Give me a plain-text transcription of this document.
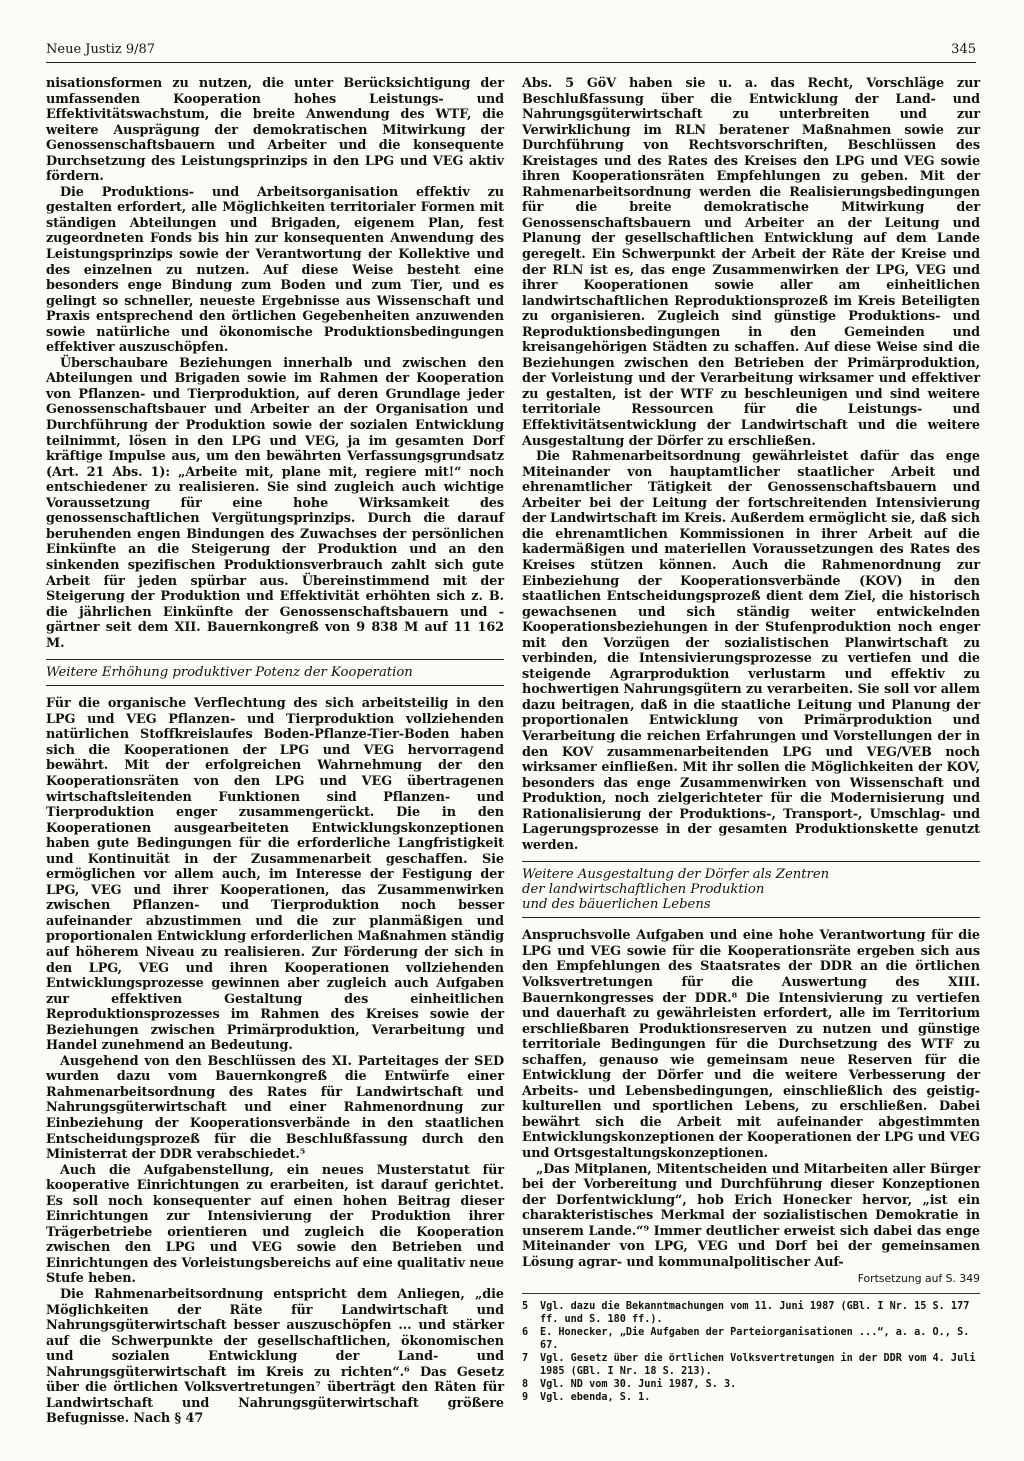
Neue Justiz 9/87	345

nisationsformen zu nutzen, die unter Berücksichtigung der umfassenden Kooperation hohes Leistungs- und Effektivitätswachstum, die breite Anwendung des WTF, die weitere Ausprägung der demokratischen Mitwirkung der Genossenschaftsbauern und Arbeiter und die konsequente Durchsetzung des Leistungsprinzips in den LPG und VEG aktiv fördern.

Die Produktions- und Arbeitsorganisation effektiv zu gestalten erfordert, alle Möglichkeiten territorialer Formen mit ständigen Abteilungen und Brigaden, eigenem Plan, fest zugeordneten Fonds bis hin zur konsequenten Anwendung des Leistungsprinzips sowie der Verantwortung der Kollektive und des einzelnen zu nutzen. Auf diese Weise besteht eine besonders enge Bindung zum Boden und zum Tier, und es gelingt so schneller, neueste Ergebnisse aus Wissenschaft und Praxis entsprechend den örtlichen Gegebenheiten anzuwenden sowie natürliche und ökonomische Produktionsbedingungen effektiver auszuschöpfen.

Überschaubare Beziehungen innerhalb und zwischen den Abteilungen und Brigaden sowie im Rahmen der Kooperation von Pflanzen- und Tierproduktion, auf deren Grundlage jeder Genossenschaftsbauer und Arbeiter an der Organisation und Durchführung der Produktion sowie der sozialen Entwicklung teilnimmt, lösen in den LPG und VEG, ja im gesamten Dorf kräftige Impulse aus, um den bewährten Verfassungsgrundsatz (Art. 21 Abs. 1): „Arbeite mit, plane mit, regiere mit!“ noch entschiedener zu realisieren. Sie sind zugleich auch wichtige Voraussetzung für eine hohe Wirksamkeit des genossenschaftlichen Vergütungsprinzips. Durch die darauf beruhenden engen Bindungen des Zuwachses der persönlichen Einkünfte an die Steigerung der Produktion und an den sinkenden spezifischen Produktionsverbrauch zahlt sich gute Arbeit für jeden spürbar aus. Übereinstimmend mit der Steigerung der Produktion und Effektivität erhöhten sich z. B. die jährlichen Einkünfte der Genossenschaftsbauern und -gärtner seit dem XII. Bauernkongreß von 9 838 M auf 11 162 M.

Weitere Erhöhung produktiver Potenz der Kooperation

Für die organische Verflechtung des sich arbeitsteilig in den LPG und VEG Pflanzen- und Tierproduktion vollziehenden natürlichen Stoffkreislaufes Boden-Pflanze-Tier-Boden haben sich die Kooperationen der LPG und VEG hervorragend bewährt. Mit der erfolgreichen Wahrnehmung der den Kooperationsräten von den LPG und VEG übertragenen wirtschaftsleitenden Funktionen sind Pflanzen- und Tierproduktion enger zusammengerückt. Die in den Kooperationen ausgearbeiteten Entwicklungskonzeptionen haben gute Bedingungen für die erforderliche Langfristigkeit und Kontinuität in der Zusammenarbeit geschaffen. Sie ermöglichen vor allem auch, im Interesse der Festigung der LPG, VEG und ihrer Kooperationen, das Zusammenwirken zwischen Pflanzen- und Tierproduktion noch besser aufeinander abzustimmen und die zur planmäßigen und proportionalen Entwicklung erforderlichen Maßnahmen ständig auf höherem Niveau zu realisieren. Zur Förderung der sich in den LPG, VEG und ihren Kooperationen vollziehenden Entwicklungsprozesse gewinnen aber zugleich auch Aufgaben zur effektiven Gestaltung des einheitlichen Reproduktionsprozesses im Rahmen des Kreises sowie der Beziehungen zwischen Primärproduktion, Verarbeitung und Handel zunehmend an Bedeutung.

Ausgehend von den Beschlüssen des XI. Parteitages der SED wurden dazu vom Bauernkongreß die Entwürfe einer Rahmenarbeitsordnung des Rates für Landwirtschaft und Nahrungsgüterwirtschaft und einer Rahmenordnung zur Einbeziehung der Kooperationsverbände in den staatlichen Entscheidungsprozeß für die Beschlußfassung durch den Ministerrat der DDR verabschiedet.⁵

Auch die Aufgabenstellung, ein neues Musterstatut für kooperative Einrichtungen zu erarbeiten, ist darauf gerichtet. Es soll noch konsequenter auf einen hohen Beitrag dieser Einrichtungen zur Intensivierung der Produktion ihrer Trägerbetriebe orientieren und zugleich die Kooperation zwischen den LPG und VEG sowie den Betrieben und Einrichtungen des Vorleistungsbereichs auf eine qualitativ neue Stufe heben.

Die Rahmenarbeitsordnung entspricht dem Anliegen, „die Möglichkeiten der Räte für Landwirtschaft und Nahrungsgüterwirtschaft besser auszuschöpfen ... und stärker auf die Schwerpunkte der gesellschaftlichen, ökonomischen und sozialen Entwicklung der Land- und Nahrungsgüterwirtschaft im Kreis zu richten“.⁶ Das Gesetz über die örtlichen Volksvertretungen⁷ überträgt den Räten für Landwirtschaft und Nahrungsgüterwirtschaft größere Befugnisse. Nach § 47

Abs. 5 GöV haben sie u. a. das Recht, Vorschläge zur Beschlußfassung über die Entwicklung der Land- und Nahrungsgüterwirtschaft zu unterbreiten und zur Verwirklichung im RLN beratener Maßnahmen sowie zur Durchführung von Rechtsvorschriften, Beschlüssen des Kreistages und des Rates des Kreises den LPG und VEG sowie ihren Kooperationsräten Empfehlungen zu geben. Mit der Rahmenarbeitsordnung werden die Realisierungsbedingungen für die breite demokratische Mitwirkung der Genossenschaftsbauern und Arbeiter an der Leitung und Planung der gesellschaftlichen Entwicklung auf dem Lande geregelt. Ein Schwerpunkt der Arbeit der Räte der Kreise und der RLN ist es, das enge Zusammenwirken der LPG, VEG und ihrer Kooperationen sowie aller am einheitlichen landwirtschaftlichen Reproduktionsprozeß im Kreis Beteiligten zu organisieren. Zugleich sind günstige Produktions- und Reproduktionsbedingungen in den Gemeinden und kreisangehörigen Städten zu schaffen. Auf diese Weise sind die Beziehungen zwischen den Betrieben der Primärproduktion, der Vorleistung und der Verarbeitung wirksamer und effektiver zu gestalten, ist der WTF zu beschleunigen und sind weitere territoriale Ressourcen für die Leistungs- und Effektivitätsentwicklung der Landwirtschaft und die weitere Ausgestaltung der Dörfer zu erschließen.

Die Rahmenarbeitsordnung gewährleistet dafür das enge Miteinander von hauptamtlicher staatlicher Arbeit und ehrenamtlicher Tätigkeit der Genossenschaftsbauern und Arbeiter bei der Leitung der fortschreitenden Intensivierung der Landwirtschaft im Kreis. Außerdem ermöglicht sie, daß sich die ehrenamtlichen Kommissionen in ihrer Arbeit auf die kadermäßigen und materiellen Voraussetzungen des Rates des Kreises stützen können. Auch die Rahmenordnung zur Einbeziehung der Kooperationsverbände (KOV) in den staatlichen Entscheidungsprozeß dient dem Ziel, die historisch gewachsenen und sich ständig weiter entwickelnden Kooperationsbeziehungen in der Stufenproduktion noch enger mit den Vorzügen der sozialistischen Planwirtschaft zu verbinden, die Intensivierungsprozesse zu vertiefen und die steigende Agrarproduktion verlustarm und effektiv zu hochwertigen Nahrungsgütern zu verarbeiten. Sie soll vor allem dazu beitragen, daß in die staatliche Leitung und Planung der proportionalen Entwicklung von Primärproduktion und Verarbeitung die reichen Erfahrungen und Vorstellungen der in den KOV zusammenarbeitenden LPG und VEG/VEB noch wirksamer einfließen. Mit ihr sollen die Möglichkeiten der KOV, besonders das enge Zusammenwirken von Wissenschaft und Produktion, noch zielgerichteter für die Modernisierung und Rationalisierung der Produktions-, Transport-, Umschlag- und Lagerungsprozesse in der gesamten Produktionskette genutzt werden.

Weitere Ausgestaltung der Dörfer als Zentren
der landwirtschaftlichen Produktion
und des bäuerlichen Lebens

Anspruchsvolle Aufgaben und eine hohe Verantwortung für die LPG und VEG sowie für die Kooperationsräte ergeben sich aus den Empfehlungen des Staatsrates der DDR an die örtlichen Volksvertretungen für die Auswertung des XIII. Bauernkongresses der DDR.⁸ Die Intensivierung zu vertiefen und dauerhaft zu gewährleisten erfordert, alle im Territorium erschließbaren Produktionsreserven zu nutzen und günstige territoriale Bedingungen für die Durchsetzung des WTF zu schaffen, genauso wie gemeinsam neue Reserven für die Entwicklung der Dörfer und die weitere Verbesserung der Arbeits- und Lebensbedingungen, einschließlich des geistig-kulturellen und sportlichen Lebens, zu erschließen. Dabei bewährt sich die Arbeit mit aufeinander abgestimmten Entwicklungskonzeptionen der Kooperationen der LPG und VEG und Ortsgestaltungskonzeptionen.

„Das Mitplanen, Mitentscheiden und Mitarbeiten aller Bürger bei der Vorbereitung und Durchführung dieser Konzeptionen der Dorfentwicklung“, hob Erich Honecker hervor, „ist ein charakteristisches Merkmal der sozialistischen Demokratie in unserem Lande.“⁹ Immer deutlicher erweist sich dabei das enge Miteinander von LPG, VEG und Dorf bei der gemeinsamen Lösung agrar- und kommunalpolitischer Auf-

Fortsetzung auf S. 349

5 Vgl. dazu die Bekanntmachungen vom 11. Juni 1987 (GBl. I Nr. 15 S. 177 ff. und S. 180 ff.).

6 E. Honecker, „Die Aufgaben der Parteiorganisationen ...“, a. a. O., S. 67.

7 Vgl. Gesetz über die örtlichen Volksvertretungen in der DDR vom 4. Juli 1985 (GBl. I Nr. 18 S. 213).

8 Vgl. ND vom 30. Juni 1987, S. 3.

9 Vgl. ebenda, S. 1.
